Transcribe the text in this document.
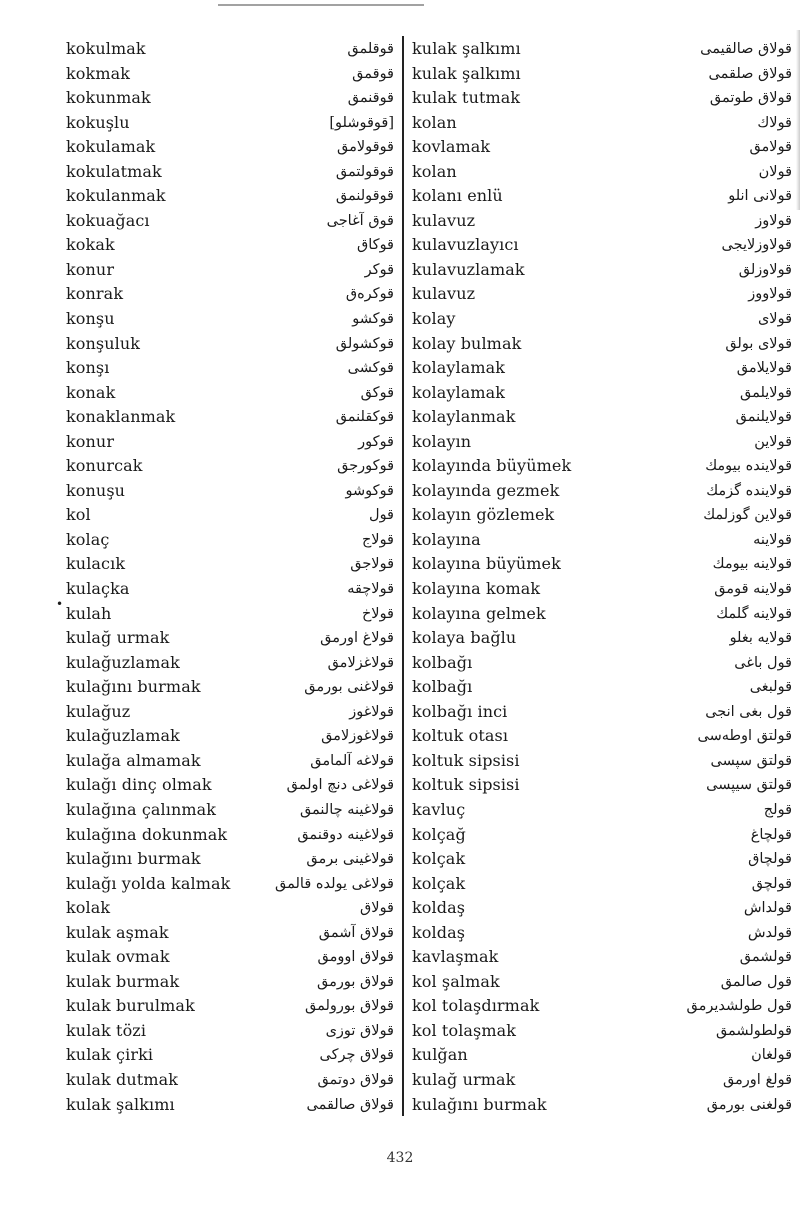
•
kokulmak	قوقلمق
kokmak	قوقمق
kokunmak	قوقنمق
kokuşlu	[قوقوشلو]
kokulamak	قوقولامق
kokulatmak	قوقولتمق
kokulanmak	قوقولنمق
kokuağacı	قوق آغاجى
kokak	قوكاق
konur	قوكر
konrak	قوكرەق
konşu	قوكشو
konşuluk	قوكشولق
konşı	قوكشى
konak	قوكق
konaklanmak	قوكقلنمق
konur	قوكور
konurcak	قوكورجق
konuşu	قوكوشو
kol	قول
kolaç	قولاج
kulacık	قولاجق
kulaçka	قولاچقه
kulah	قولاخ
kulağ urmak	قولاغ اورمق
kulağuzlamak	قولاغزلامق
kulağını burmak	قولاغنى بورمق
kulağuz	قولاغوز
kulağuzlamak	قولاغوزلامق
kulağa almamak	قولاغه آلمامق
kulağı dinç olmak	قولاغى دنچ اولمق
kulağına çalınmak	قولاغينه چالنمق
kulağına dokunmak	قولاغينه دوقنمق
kulağını burmak	قولاغينى برمق
kulağı yolda kalmak	قولاغى يولده قالمق
kolak	قولاق
kulak aşmak	قولاق آشمق
kulak ovmak	قولاق اوومق
kulak burmak	قولاق بورمق
kulak burulmak	قولاق بورولمق
kulak tözi	قولاق توزى
kulak çirki	قولاق چركى
kulak dutmak	قولاق دوتمق
kulak şalkımı	قولاق صالقمى
kulak şalkımı	قولاق صالقيمى
kulak şalkımı	قولاق صلقمى
kulak tutmak	قولاق طوتمق
kolan	قولاك
kovlamak	قولامق
kolan	قولان
kolanı enlü	قولانى انلو
kulavuz	قولاوز
kulavuzlayıcı	قولاوزلايجى
kulavuzlamak	قولاوزلق
kulavuz	قولاووز
kolay	قولاى
kolay bulmak	قولاى بولق
kolaylamak	قولايلامق
kolaylamak	قولايلمق
kolaylanmak	قولايلنمق
kolayın	قولاين
kolayında büyümek	قولاينده بيومك
kolayında gezmek	قولاينده گزمك
kolayın gözlemek	قولاين گوزلمك
kolayına	قولاينه
kolayına büyümek	قولاينه بيومك
kolayına komak	قولاينه قومق
kolayına gelmek	قولاينه گلمك
kolaya bağlu	قولايه بغلو
kolbağı	قول باغى
kolbağı	قولبغى
kolbağı inci	قول بغى انجى
koltuk otası	قولتق اوطەسى
koltuk sipsisi	قولتق سپسى
koltuk sipsisi	قولتق سيپسى
kavluç	قولج
kolçağ	قولچاغ
kolçak	قولچاق
kolçak	قولچق
koldaş	قولداش
koldaş	قولدش
kavlaşmak	قولشمق
kol şalmak	قول صالمق
kol tolaşdırmak	قول طولشديرمق
kol tolaşmak	قولطولشمق
kulğan	قولغان
kulağ urmak	قولغ اورمق
kulağını burmak	قولغنى بورمق
432
